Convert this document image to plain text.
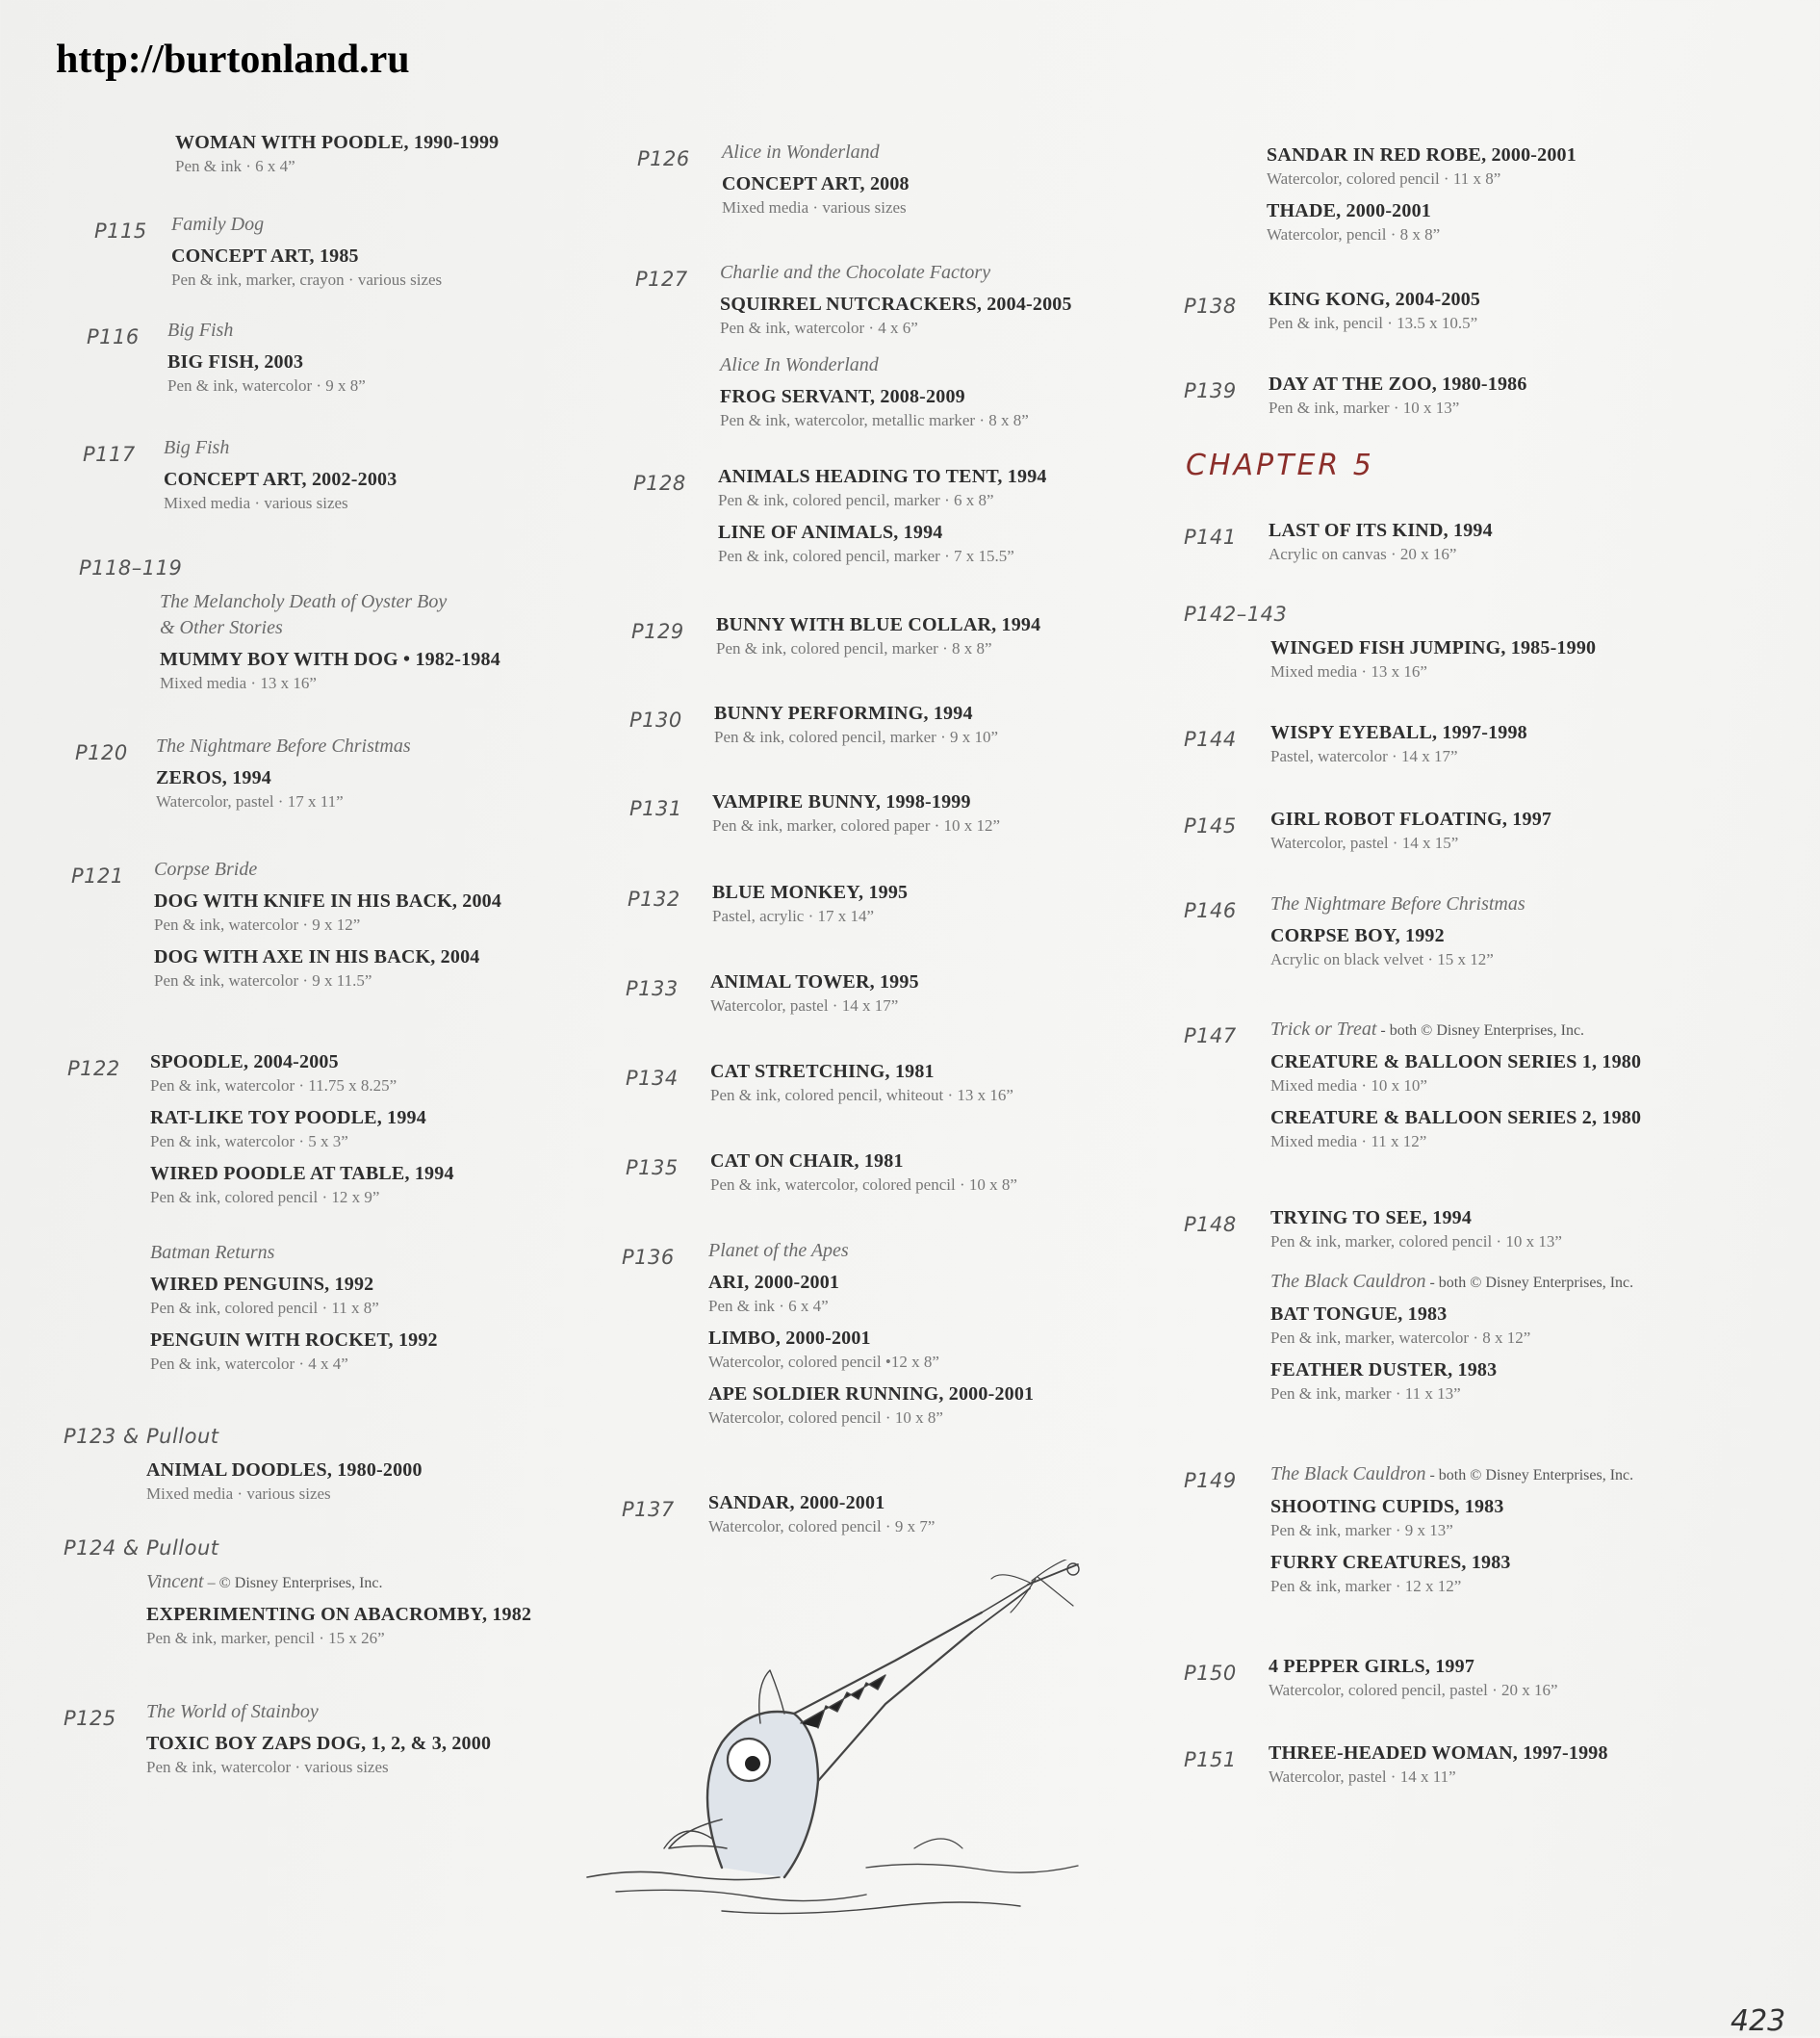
http://burtonland.ru
CHAPTER 5
WOMAN WITH POODLE, 1990-1999
Pen & ink · 6 x 4”
P115 Family Dog
CONCEPT ART, 1985
Pen & ink, marker, crayon · various sizes
P116 Big Fish
BIG FISH, 2003
Pen & ink, watercolor · 9 x 8”
P117 Big Fish
CONCEPT ART, 2002-2003
Mixed media · various sizes
P118–119
The Melancholy Death of Oyster Boy
& Other Stories
MUMMY BOY WITH DOG • 1982-1984
Mixed media · 13 x 16”
P120 The Nightmare Before Christmas
ZEROS, 1994
Watercolor, pastel · 17 x 11”
P121 Corpse Bride
DOG WITH KNIFE IN HIS BACK, 2004
Pen & ink, watercolor · 9 x 12”
DOG WITH AXE IN HIS BACK, 2004
Pen & ink, watercolor · 9 x 11.5”
P122 SPOODLE, 2004-2005
Pen & ink, watercolor · 11.75 x 8.25”
RAT-LIKE TOY POODLE, 1994
Pen & ink, watercolor · 5 x 3”
WIRED POODLE AT TABLE, 1994
Pen & ink, colored pencil · 12 x 9”
Batman Returns
WIRED PENGUINS, 1992
Pen & ink, colored pencil · 11 x 8”
PENGUIN WITH ROCKET, 1992
Pen & ink, watercolor · 4 x 4”
P123 & Pullout
ANIMAL DOODLES, 1980-2000
Mixed media · various sizes
P124 & Pullout
Vincent – © Disney Enterprises, Inc.
EXPERIMENTING ON ABACROMBY, 1982
Pen & ink, marker, pencil · 15 x 26”
P125 The World of Stainboy
TOXIC BOY ZAPS DOG, 1, 2, & 3, 2000
Pen & ink, watercolor · various sizes
P126 Alice in Wonderland
CONCEPT ART, 2008
Mixed media · various sizes
P127 Charlie and the Chocolate Factory
SQUIRREL NUTCRACKERS, 2004-2005
Pen & ink, watercolor · 4 x 6”
Alice In Wonderland
FROG SERVANT, 2008-2009
Pen & ink, watercolor, metallic marker · 8 x 8”
P128 ANIMALS HEADING TO TENT, 1994
Pen & ink, colored pencil, marker · 6 x 8”
LINE OF ANIMALS, 1994
Pen & ink, colored pencil, marker · 7 x 15.5”
P129 BUNNY WITH BLUE COLLAR, 1994
Pen & ink, colored pencil, marker · 8 x 8”
P130 BUNNY PERFORMING, 1994
Pen & ink, colored pencil, marker · 9 x 10”
P131 VAMPIRE BUNNY, 1998-1999
Pen & ink, marker, colored paper · 10 x 12”
P132 BLUE MONKEY, 1995
Pastel, acrylic · 17 x 14”
P133 ANIMAL TOWER, 1995
Watercolor, pastel · 14 x 17”
P134 CAT STRETCHING, 1981
Pen & ink, colored pencil, whiteout · 13 x 16”
P135 CAT ON CHAIR, 1981
Pen & ink, watercolor, colored pencil · 10 x 8”
P136 Planet of the Apes
ARI, 2000-2001
Pen & ink · 6 x 4”
LIMBO, 2000-2001
Watercolor, colored pencil •12 x 8”
APE SOLDIER RUNNING, 2000-2001
Watercolor, colored pencil · 10 x 8”
P137 SANDAR, 2000-2001
Watercolor, colored pencil · 9 x 7”
SANDAR IN RED ROBE, 2000-2001
Watercolor, colored pencil · 11 x 8”
THADE, 2000-2001
Watercolor, pencil · 8 x 8”
P138 KING KONG, 2004-2005
Pen & ink, pencil · 13.5 x 10.5”
P139 DAY AT THE ZOO, 1980-1986
Pen & ink, marker · 10 x 13”
P141 LAST OF ITS KIND, 1994
Acrylic on canvas · 20 x 16”
P142–143
WINGED FISH JUMPING, 1985-1990
Mixed media · 13 x 16”
P144 WISPY EYEBALL, 1997-1998
Pastel, watercolor · 14 x 17”
P145 GIRL ROBOT FLOATING, 1997
Watercolor, pastel · 14 x 15”
P146 The Nightmare Before Christmas
CORPSE BOY, 1992
Acrylic on black velvet · 15 x 12”
P147 Trick or Treat - both © Disney Enterprises, Inc.
CREATURE & BALLOON SERIES 1, 1980
Mixed media · 10 x 10”
CREATURE & BALLOON SERIES 2, 1980
Mixed media · 11 x 12”
P148 TRYING TO SEE, 1994
Pen & ink, marker, colored pencil · 10 x 13”
The Black Cauldron - both © Disney Enterprises, Inc.
BAT TONGUE, 1983
Pen & ink, marker, watercolor · 8 x 12”
FEATHER DUSTER, 1983
Pen & ink, marker · 11 x 13”
P149 The Black Cauldron - both © Disney Enterprises, Inc.
SHOOTING CUPIDS, 1983
Pen & ink, marker · 9 x 13”
FURRY CREATURES, 1983
Pen & ink, marker · 12 x 12”
P150 4 PEPPER GIRLS, 1997
Watercolor, colored pencil, pastel · 20 x 16”
P151 THREE-HEADED WOMAN, 1997-1998
Watercolor, pastel · 14 x 11”
423
